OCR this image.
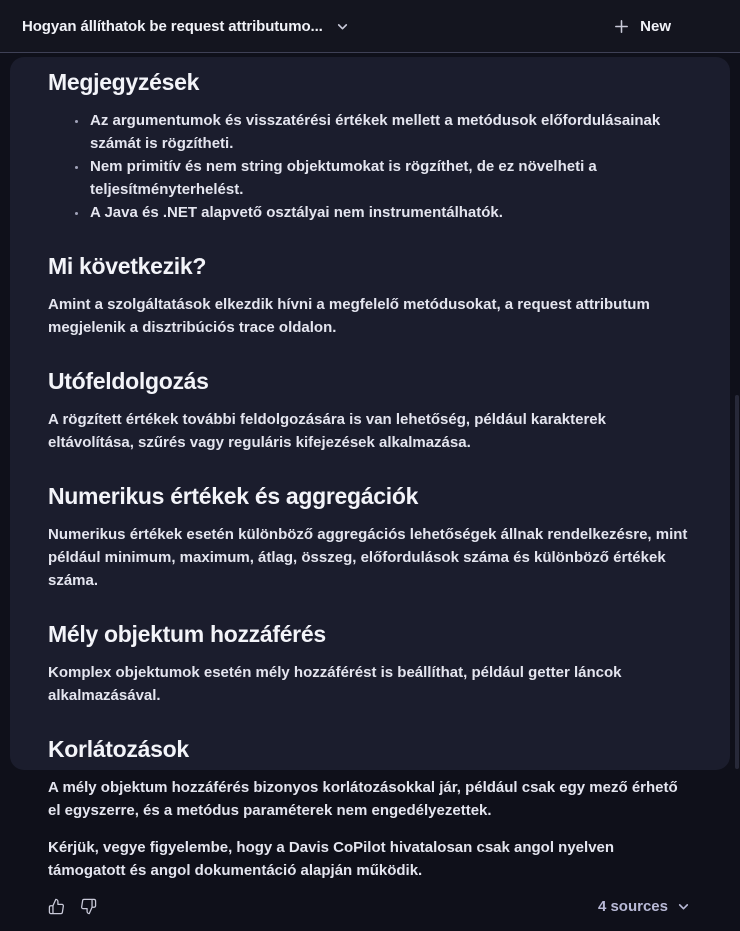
Hogyan állíthatok be request attributumo...	New
Megjegyzések
• Az argumentumok és visszatérési értékek mellett a metódusok előfordulásainak számát is rögzítheti.
• Nem primitív és nem string objektumokat is rögzíthet, de ez növelheti a teljesítményterhelést.
• A Java és .NET alapvető osztályai nem instrumentálhatók.
Mi következik?

Amint a szolgáltatások elkezdik hívni a megfelelő metódusokat, a request attributum megjelenik a disztribúciós trace oldalon.

Utófeldolgozás

A rögzített értékek további feldolgozására is van lehetőség, például karakterek eltávolítása, szűrés vagy reguláris kifejezések alkalmazása.

Numerikus értékek és aggregációk

Numerikus értékek esetén különböző aggregációs lehetőségek állnak rendelkezésre, mint például minimum, maximum, átlag, összeg, előfordulások száma és különböző értékek száma.

Mély objektum hozzáférés

Komplex objektumok esetén mély hozzáférést is beállíthat, például getter láncok alkalmazásával.

Korlátozások

A mély objektum hozzáférés bizonyos korlátozásokkal jár, például csak egy mező érhető el egyszerre, és a metódus paraméterek nem engedélyezettek.

Kérjük, vegye figyelembe, hogy a Davis CoPilot hivatalosan csak angol nyelven támogatott és angol dokumentáció alapján működik.

4 sources
